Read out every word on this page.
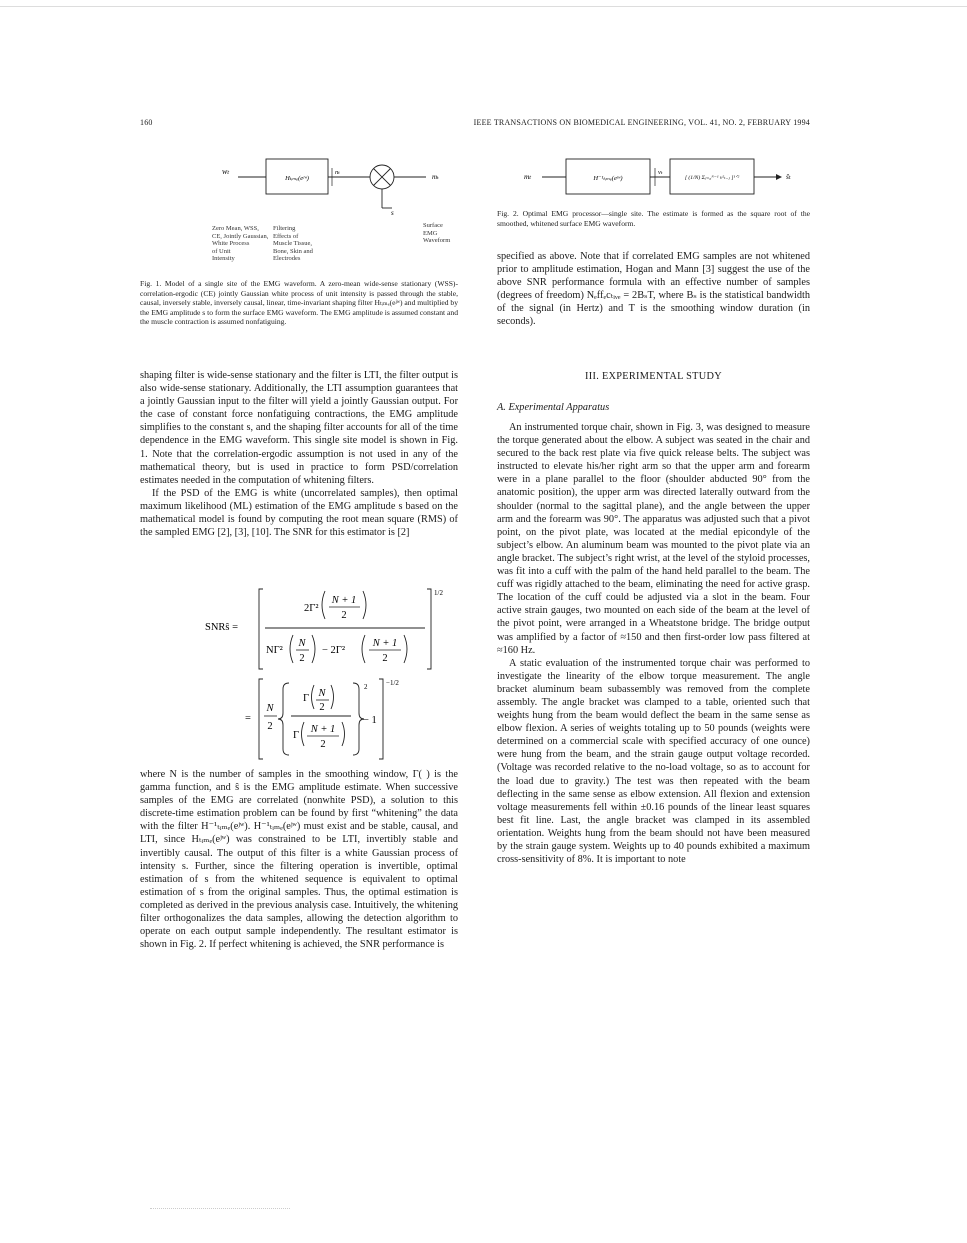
160	IEEE TRANSACTIONS ON BIOMEDICAL ENGINEERING, VOL. 41, NO. 2, FEBRUARY 1994
wₜ
Hₜᵢₘₑ(eʲʷ)
nₜ
mₜ
s
Zero Mean, WSS,
CE, Jointly Gaussian,
White Process
of Unit
Intensity
Filtering
Effects of
Muscle Tissue,
Bone, Skin and
Electrodes
Surface
EMG
Waveform
Fig. 1. Model of a single site of the EMG waveform. A zero-mean wide-sense stationary (WSS)-correlation-ergodic (CE) jointly Gaussian white process of unit intensity is passed through the stable, causal, inversely stable, inversely causal, linear, time-invariant shaping filter Hₜᵢₘₑ(eʲʷ) and multiplied by the EMG amplitude s to form the surface EMG waveform. The EMG amplitude is assumed constant and the muscle contraction is assumed nonfatiguing.
mₜ	H⁻¹ₜᵢₘₑ(eʲʷ)
vₜ
[ (1/N) Σⱼ₌₀ᴺ⁻¹ v²ₜ₋ⱼ ]¹ᐟ²	ŝₜ
Fig. 2. Optimal EMG processor—single site. The estimate is formed as the square root of the smoothed, whitened surface EMG waveform.

specified as above. Note that if correlated EMG samples are not whitened prior to amplitude estimation, Hogan and Mann [3] suggest the use of the above SNR performance formula with an effective number of samples (degrees of freedom) Nₑffₑcₜᵢᵥₑ = 2BₛT, where Bₛ is the statistical bandwidth of the signal (in Hertz) and T is the smoothing window duration (in seconds).

shaping filter is wide-sense stationary and the filter is LTI, the filter output is also wide-sense stationary. Additionally, the LTI assumption guarantees that a jointly Gaussian input to the filter will yield a jointly Gaussian output. For the case of constant force nonfatiguing contractions, the EMG amplitude simplifies to the constant s, and the shaping filter accounts for all of the time dependence in the EMG waveform. This single site model is shown in Fig. 1. Note that the correlation-ergodic assumption is not used in any of the mathematical theory, but is used in practice to form PSD/correlation estimates needed in the computation of whitening filters.

If the PSD of the EMG is white (uncorrelated samples), then optimal maximum likelihood (ML) estimation of the EMG amplitude s based on the mathematical model is found by computing the root mean square (RMS) of the sampled EMG [2], [3], [10]. The SNR for this estimator is [2]

SNRŝ =
1/2
2Γ²
N + 1
2
NΓ²
N
2
− 2Γ²
N + 1
2
=
−1/2
N
2
2
Γ N
2
Γ
N + 1
2
− 1

where N is the number of samples in the smoothing window, Γ( ) is the gamma function, and ŝ is the EMG amplitude estimate. When successive samples of the EMG are correlated (nonwhite PSD), a solution to this discrete-time estimation problem can be found by first “whitening” the data with the filter H⁻¹ₜᵢₘₑ(eʲʷ). H⁻¹ₜᵢₘₑ(eʲʷ) must exist and be stable, causal, and LTI, since Hₜᵢₘₑ(eʲʷ) was constrained to be LTI, invertibly stable and invertibly causal. The output of this filter is a white Gaussian process of intensity s. Further, since the filtering operation is invertible, optimal estimation of s from the whitened sequence is equivalent to optimal estimation of s from the original samples. Thus, the optimal estimation is completed as derived in the previous analysis case. Intuitively, the whitening filter orthogonalizes the data samples, allowing the detection algorithm to operate on each output sample independently. The resultant estimator is shown in Fig. 2. If perfect whitening is achieved, the SNR performance is

III. EXPERIMENTAL STUDY
A. Experimental Apparatus

An instrumented torque chair, shown in Fig. 3, was designed to measure the torque generated about the elbow. A subject was seated in the chair and secured to the back rest plate via five quick release belts. The subject was instructed to elevate his/her right arm so that the upper arm and forearm were in a plane parallel to the floor (shoulder abducted 90° from the anatomic position), the upper arm was directed laterally outward from the shoulder (normal to the sagittal plane), and the angle between the upper arm and the forearm was 90°. The apparatus was adjusted such that a pivot point, on the pivot plate, was located at the medial epicondyle of the subject’s elbow. An aluminum beam was mounted to the pivot plate via an angle bracket. The subject’s right wrist, at the level of the styloid processes, was fit into a cuff with the palm of the hand held parallel to the beam. The cuff was rigidly attached to the beam, eliminating the need for active grasp. The location of the cuff could be adjusted via a slot in the beam. Four active strain gauges, two mounted on each side of the beam at the level of the pivot point, were arranged in a Wheatstone bridge. The bridge output was amplified by a factor of ≈150 and then first-order low pass filtered at ≈160 Hz.

A static evaluation of the instrumented torque chair was performed to investigate the linearity of the elbow torque measurement. The angle bracket aluminum beam subassembly was removed from the complete assembly. The angle bracket was clamped to a table, oriented such that weights hung from the beam would deflect the beam in the same sense as elbow flexion. A series of weights totaling up to 50 pounds (weights were determined on a commercial scale with specified accuracy of one ounce) were hung from the beam, and the strain gauge output voltage recorded. (Voltage was recorded relative to the no-load voltage, so as to account for the load due to gravity.) The test was then repeated with the beam deflecting in the same sense as elbow extension. All flexion and extension voltage measurements fell within ±0.16 pounds of the linear least squares best fit line. Last, the angle bracket was clamped in its assembled orientation. Weights hung from the beam should not have been measured by the strain gauge system. Weights up to 40 pounds exhibited a maximum cross-sensitivity of 8%. It is important to note
